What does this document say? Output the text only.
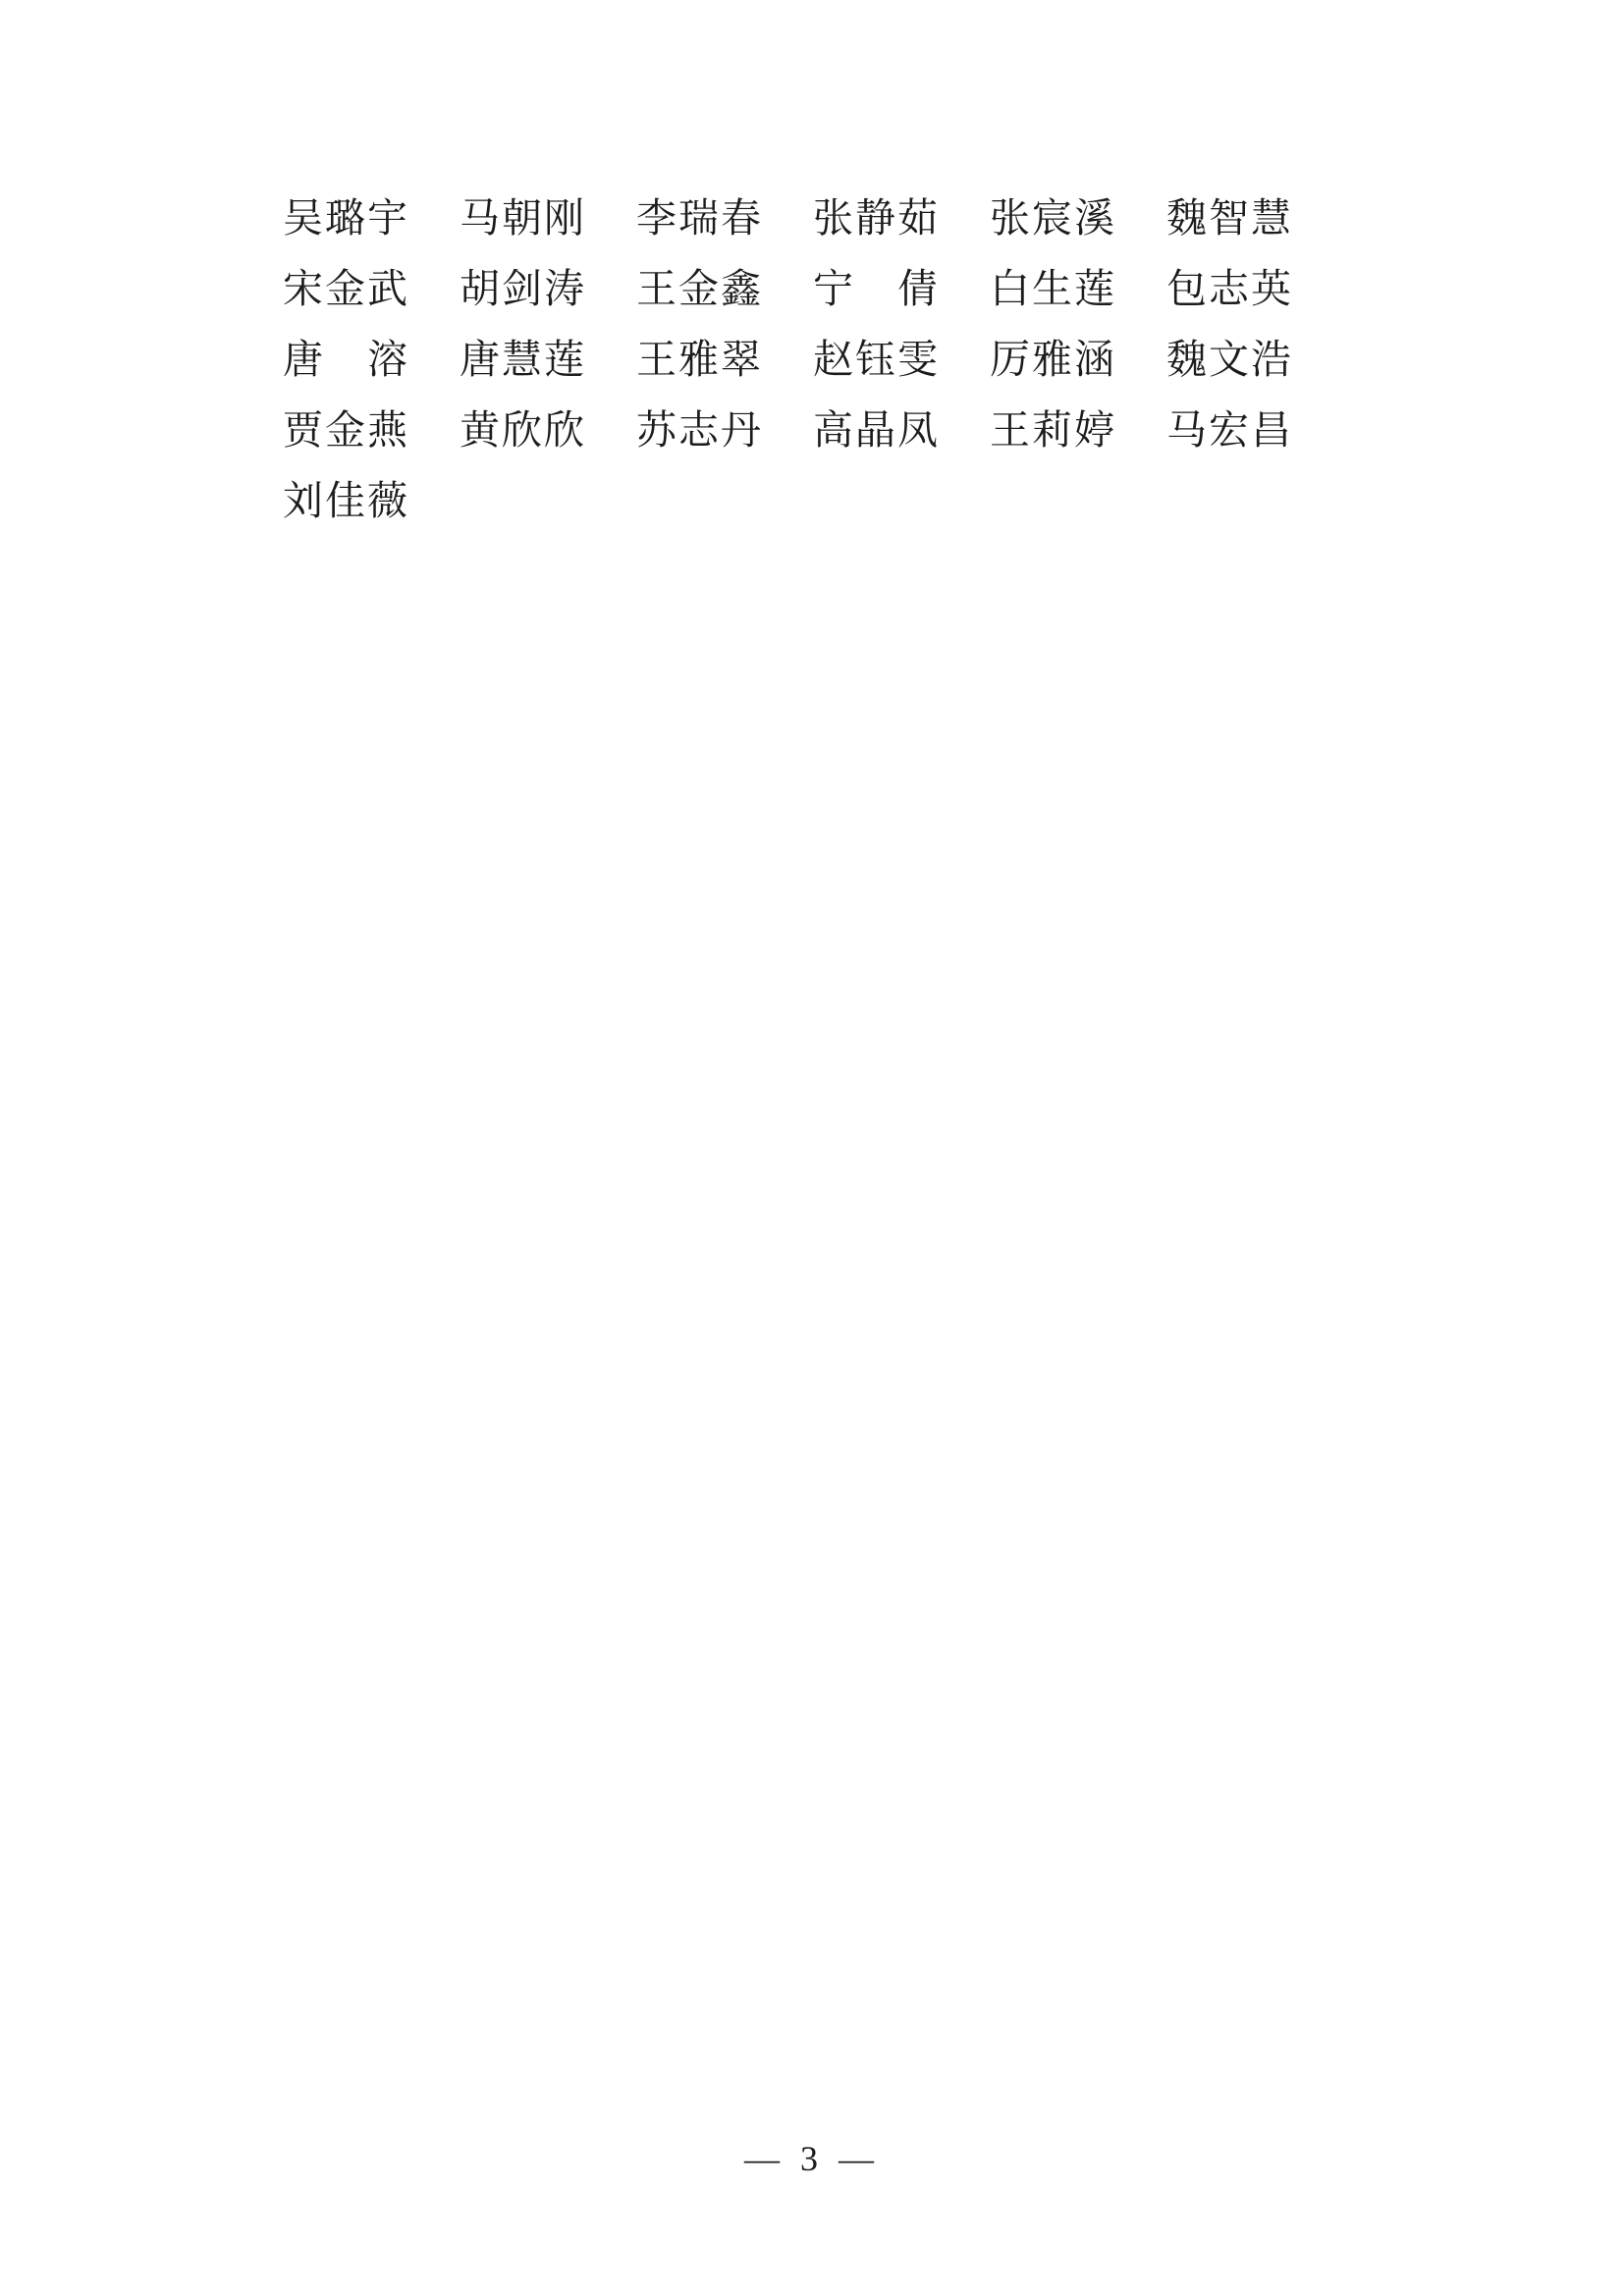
吴璐宇	马朝刚	李瑞春	张静茹	张宸溪	魏智慧
宋金武	胡剑涛	王金鑫	宁　倩	白生莲	包志英
唐　溶	唐慧莲	王雅翠	赵钰雯	厉雅涵	魏文浩
贾金燕	黄欣欣	苏志丹	高晶凤	王莉婷	马宏昌
刘佳薇
— 3 —
